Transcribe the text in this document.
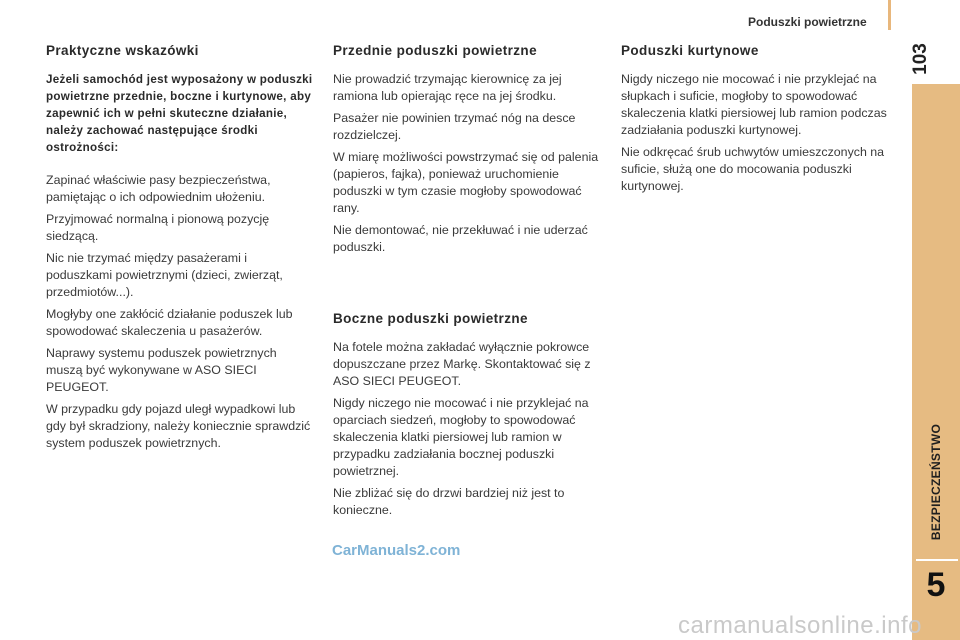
Poduszki powietrzne
103
BEZPIECZEŃSTWO
5
Praktyczne wskazówki

Jeżeli samochód jest wyposażony w poduszki powietrzne przednie, boczne i kurtynowe, aby zapewnić ich w pełni skuteczne działanie, należy zachować następujące środki ostrożności:

Zapinać właściwie pasy bezpieczeństwa, pamiętając o ich odpowiednim ułożeniu.

Przyjmować normalną i pionową pozycję siedzącą.

Nic nie trzymać między pasażerami i poduszkami powietrznymi (dzieci, zwierząt, przedmiotów...).

Mogłyby one zakłócić działanie poduszek lub spowodować skaleczenia u pasażerów.

Naprawy systemu poduszek powietrznych muszą być wykonywane w ASO SIECI PEUGEOT.

W przypadku gdy pojazd uległ wypadkowi lub gdy był skradziony, należy koniecznie sprawdzić system poduszek powietrznych.

Przednie poduszki powietrzne

Nie prowadzić trzymając kierownicę za jej ramiona lub opierając ręce na jej środku.

Pasażer nie powinien trzymać nóg na desce rozdzielczej.

W miarę możliwości powstrzymać się od palenia (papieros, fajka), ponieważ uruchomienie poduszki w tym czasie mogłoby spowodować rany.

Nie demontować, nie przekłuwać i nie uderzać poduszki.

Boczne poduszki powietrzne

Na fotele można zakładać wyłącznie pokrowce dopuszczane przez Markę. Skontaktować się z ASO SIECI PEUGEOT.

Nigdy niczego nie mocować i nie przyklejać na oparciach siedzeń, mogłoby to spowodować skaleczenia klatki piersiowej lub ramion w przypadku zadziałania bocznej poduszki powietrznej.

Nie zbliżać się do drzwi bardziej niż jest to konieczne.

Poduszki kurtynowe

Nigdy niczego nie mocować i nie przyklejać na słupkach i suficie, mogłoby to spowodować skaleczenia klatki piersiowej lub ramion podczas zadziałania poduszki kurtynowej.

Nie odkręcać śrub uchwytów umieszczonych na suficie, służą one do mocowania poduszki kurtynowej.

CarManuals2.com
carmanualsonline.info
